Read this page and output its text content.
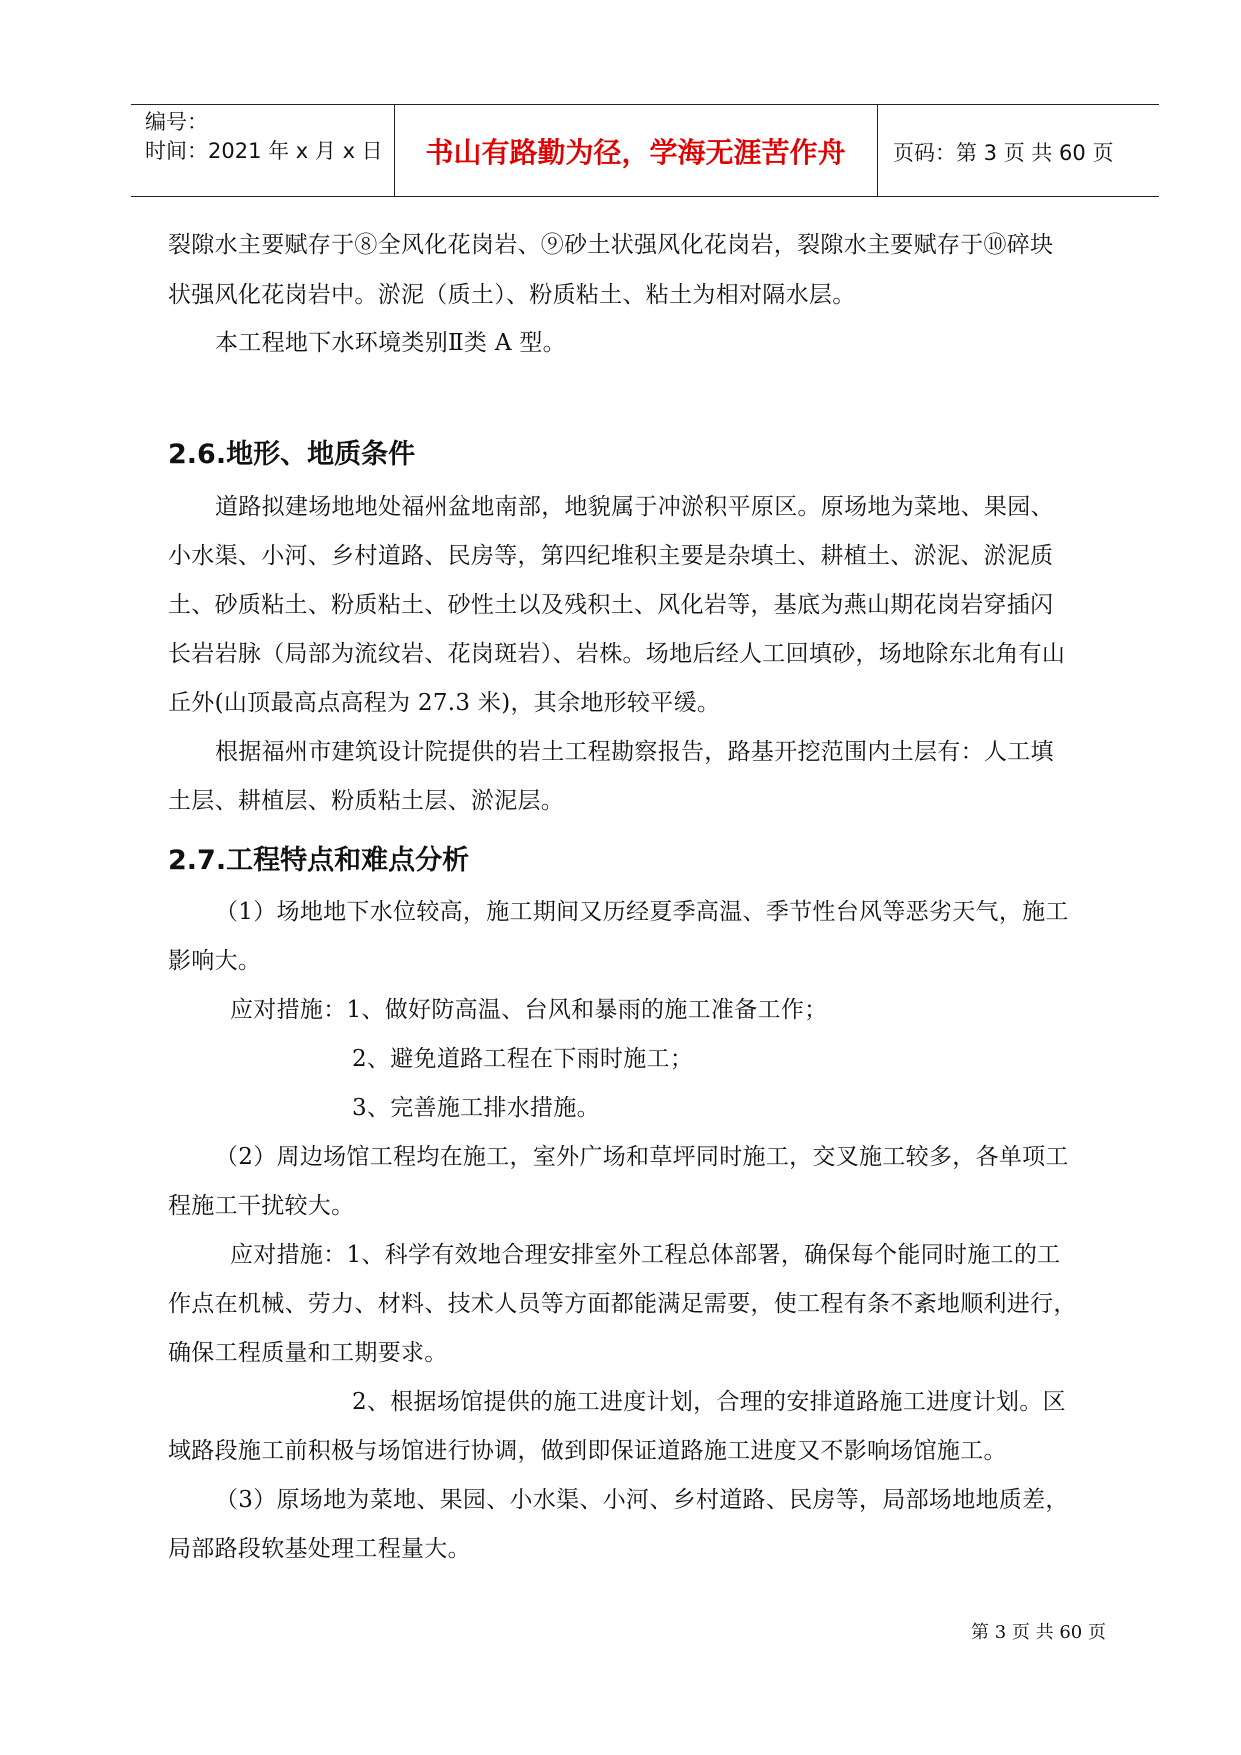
编号：
时间：2021 年 x 月 x 日	书山有路勤为径，学海无涯苦作舟	页码：第 3 页 共 60 页
裂隙水主要赋存于⑧全风化花岗岩、⑨砂土状强风化花岗岩，裂隙水主要赋存于⑩碎块
状强风化花岗岩中。淤泥（质土）、粉质粘土、粘土为相对隔水层。
本工程地下水环境类别Ⅱ类 A 型。
2.6.地形、地质条件
道路拟建场地地处福州盆地南部，地貌属于冲淤积平原区。原场地为菜地、果园、
小水渠、小河、乡村道路、民房等，第四纪堆积主要是杂填土、耕植土、淤泥、淤泥质
土、砂质粘土、粉质粘土、砂性土以及残积土、风化岩等，基底为燕山期花岗岩穿插闪
长岩岩脉（局部为流纹岩、花岗斑岩）、岩株。场地后经人工回填砂，场地除东北角有山
丘外(山顶最高点高程为 27.3 米)，其余地形较平缓。
根据福州市建筑设计院提供的岩土工程勘察报告，路基开挖范围内土层有：人工填
土层、耕植层、粉质粘土层、淤泥层。
2.7.工程特点和难点分析
（1）场地地下水位较高，施工期间又历经夏季高温、季节性台风等恶劣天气，施工
影响大。
应对措施：1、做好防高温、台风和暴雨的施工准备工作；
2、避免道路工程在下雨时施工；
3、完善施工排水措施。
（2）周边场馆工程均在施工，室外广场和草坪同时施工，交叉施工较多，各单项工
程施工干扰较大。
应对措施：1、科学有效地合理安排室外工程总体部署，确保每个能同时施工的工
作点在机械、劳力、材料、技术人员等方面都能满足需要，使工程有条不紊地顺利进行，
确保工程质量和工期要求。
2、根据场馆提供的施工进度计划，合理的安排道路施工进度计划。区
域路段施工前积极与场馆进行协调，做到即保证道路施工进度又不影响场馆施工。
（3）原场地为菜地、果园、小水渠、小河、乡村道路、民房等，局部场地地质差，
局部路段软基处理工程量大。
第 3 页 共 60 页
